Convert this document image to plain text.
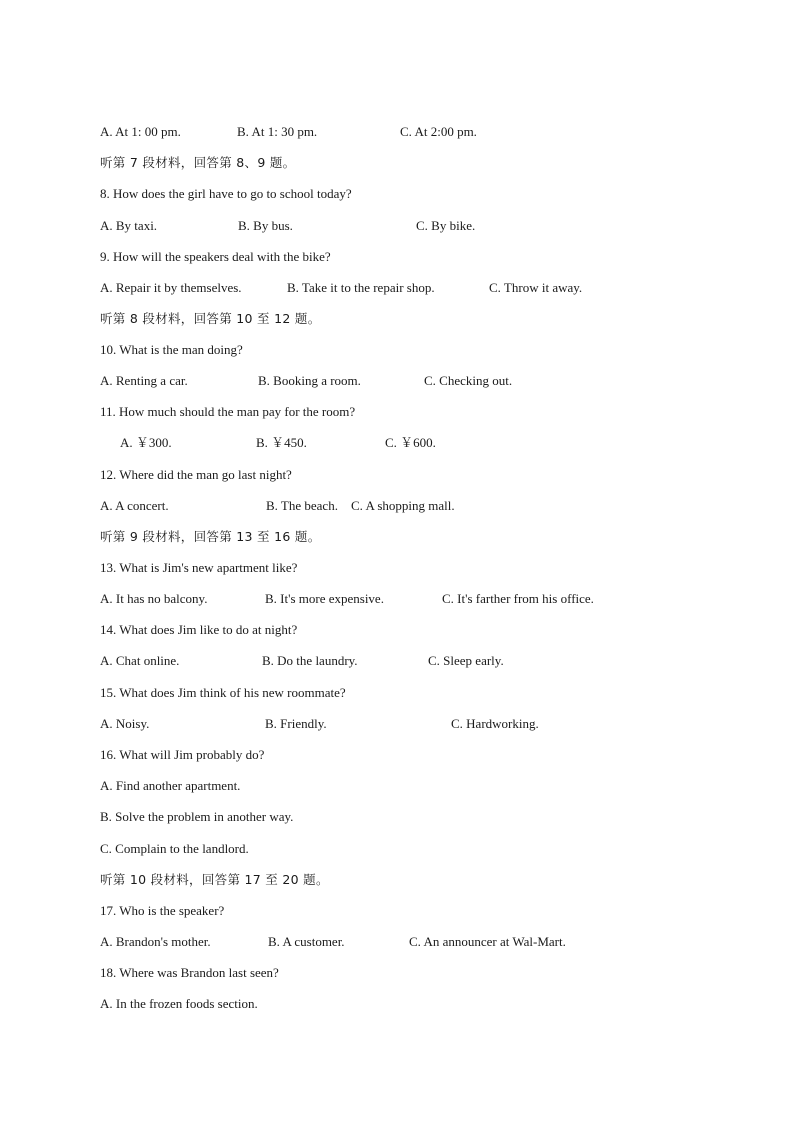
A. At 1: 00 pm.	B. At 1: 30 pm.	C. At 2:00 pm.
听第 7 段材料，回答第 8、9 题。
8. How does the girl have to go to school today?
A. By taxi.	B. By bus.	C. By bike.
9. How will the speakers deal with the bike?
A. Repair it by themselves.	B. Take it to the repair shop.	C. Throw it away.
听第 8 段材料，回答第 10 至 12 题。
10. What is the man doing?
A. Renting a car.	B. Booking a room.	C. Checking out.
11. How much should the man pay for the room?
A. ￥300.	B. ￥450.	C. ￥600.
12. Where did the man go last night?
A. A concert.	B. The beach. C. A shopping mall.
听第 9 段材料，回答第 13 至 16 题。
13. What is Jim's new apartment like?
A. It has no balcony.	B. It's more expensive.	C. It's farther from his office.
14. What does Jim like to do at night?
A. Chat online.	B. Do the laundry.	C. Sleep early.
15. What does Jim think of his new roommate?
A. Noisy.	B. Friendly.	C. Hardworking.
16. What will Jim probably do?
A. Find another apartment.
B. Solve the problem in another way.
C. Complain to the landlord.
听第 10 段材料，回答第 17 至 20 题。
17. Who is the speaker?
A. Brandon's mother.	B. A customer.	C. An announcer at Wal-Mart.
18. Where was Brandon last seen?
A. In the frozen foods section.
